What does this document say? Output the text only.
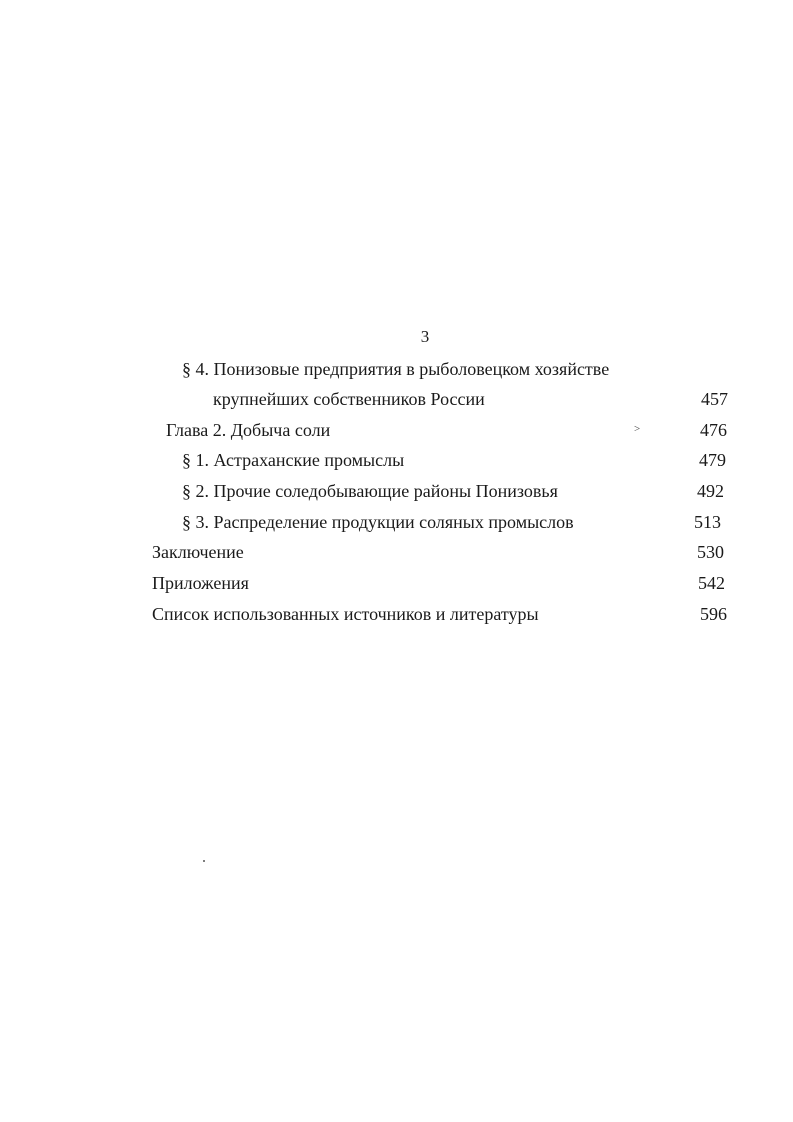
3
§ 4. Понизовые предприятия в рыболовецком хозяйстве
крупнейших собственников России	457
Глава 2. Добыча соли	>	476
§ 1. Астраханские промыслы	479
§ 2. Прочие соледобывающие районы Понизовья	492
§ 3. Распределение продукции соляных промыслов	513
Заключение	530
Приложения	542
Список использованных источников и литературы	596
